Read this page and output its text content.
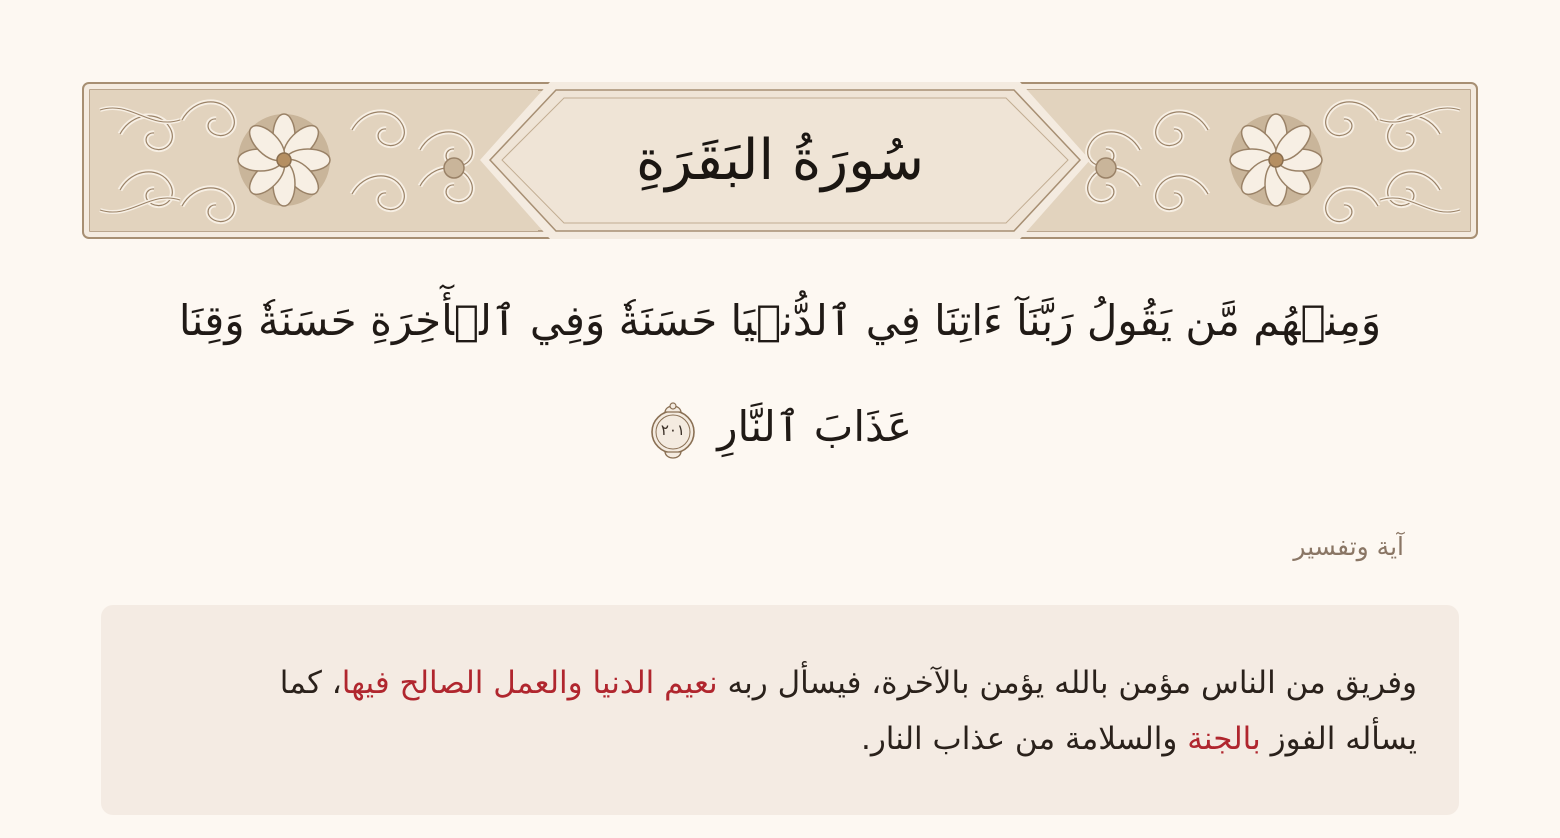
سُورَةُ البَقَرَةِ
وَمِنۡهُم مَّن يَقُولُ رَبَّنَآ ءَاتِنَا فِي ٱلدُّنۡيَا حَسَنَةٗ وَفِي ٱلۡأٓخِرَةِ حَسَنَةٗ وَقِنَا عَذَابَ ٱلنَّارِ
٢٠١
آية وتفسير
وفريق من الناس مؤمن بالله يؤمن بالآخرة، فيسأل ربه نعيم الدنيا والعمل الصالح فيها، كما يسأله الفوز بالجنة والسلامة من عذاب النار.
